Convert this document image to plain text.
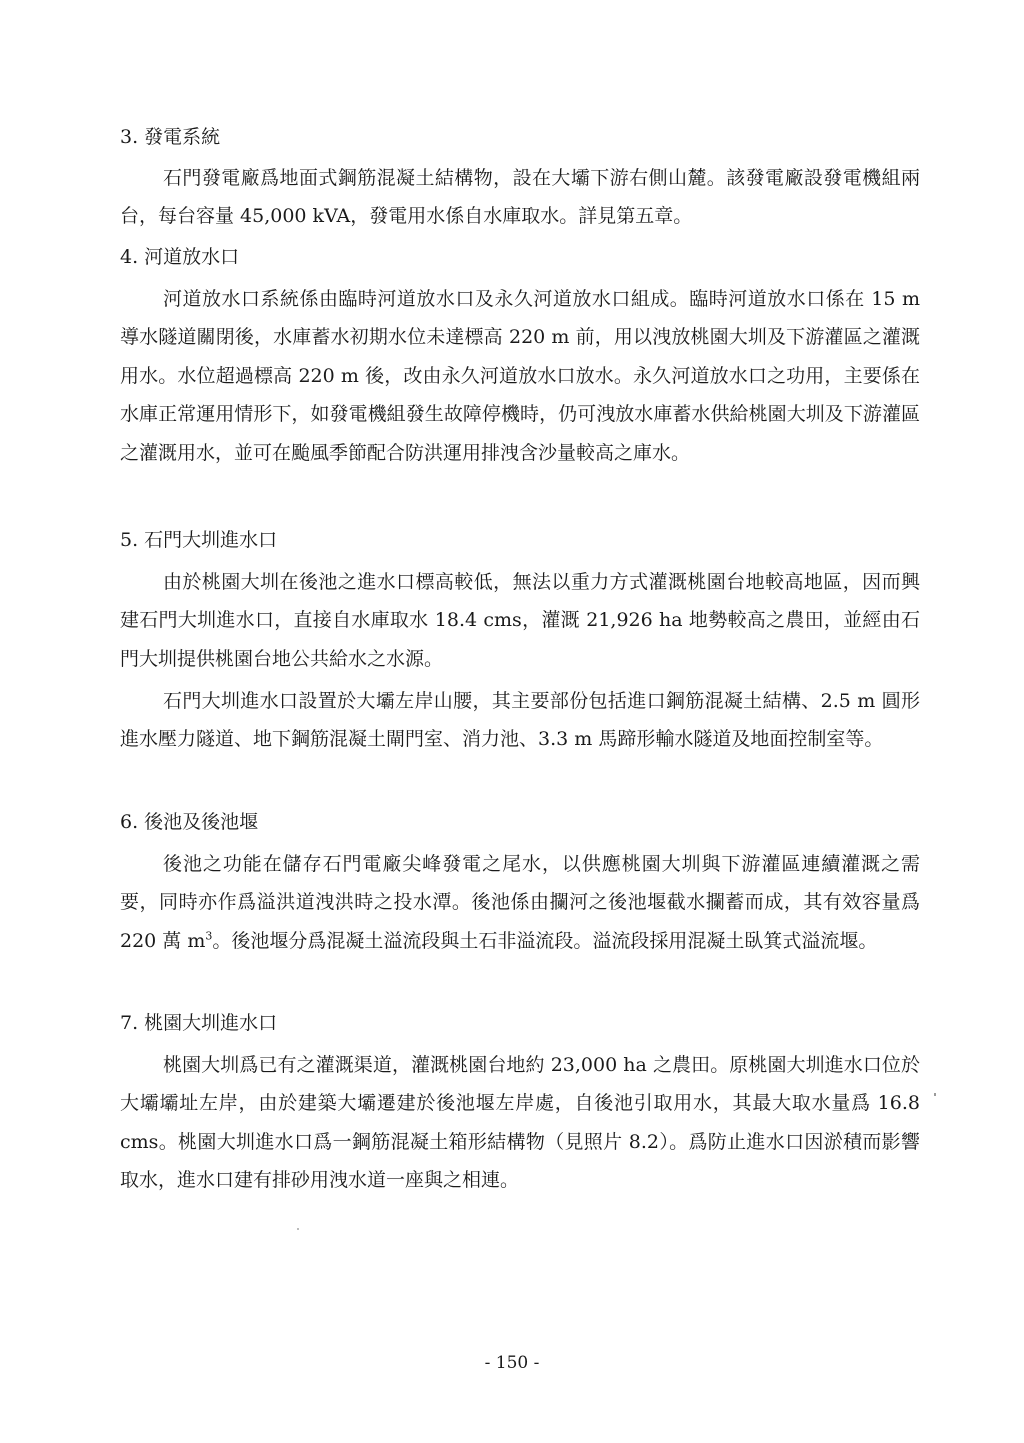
3. 發電系統
石門發電廠爲地面式鋼筋混凝土結構物，設在大壩下游右側山麓。該發電廠設發電機組兩台，每台容量 45,000 kVA，發電用水係自水庫取水。詳見第五章。
4. 河道放水口
河道放水口系統係由臨時河道放水口及永久河道放水口組成。臨時河道放水口係在 15 m 導水隧道關閉後，水庫蓄水初期水位未達標高 220 m 前，用以洩放桃園大圳及下游灌區之灌溉用水。水位超過標高 220 m 後，改由永久河道放水口放水。永久河道放水口之功用，主要係在水庫正常運用情形下，如發電機組發生故障停機時，仍可洩放水庫蓄水供給桃園大圳及下游灌區之灌溉用水，並可在颱風季節配合防洪運用排洩含沙量較高之庫水。
5. 石門大圳進水口
由於桃園大圳在後池之進水口標高較低，無法以重力方式灌溉桃園台地較高地區，因而興建石門大圳進水口，直接自水庫取水 18.4 cms，灌溉 21,926 ha 地勢較高之農田，並經由石門大圳提供桃園台地公共給水之水源。
石門大圳進水口設置於大壩左岸山腰，其主要部份包括進口鋼筋混凝土結構、2.5 m 圓形進水壓力隧道、地下鋼筋混凝土閘門室、消力池、3.3 m 馬蹄形輸水隧道及地面控制室等。
6. 後池及後池堰
後池之功能在儲存石門電廠尖峰發電之尾水，以供應桃園大圳與下游灌區連續灌溉之需要，同時亦作爲溢洪道洩洪時之投水潭。後池係由攔河之後池堰截水攔蓄而成，其有效容量爲 220 萬 $m^3$。後池堰分爲混凝土溢流段與土石非溢流段。溢流段採用混凝土臥箕式溢流堰。
7. 桃園大圳進水口
桃園大圳爲已有之灌溉渠道，灌溉桃園台地約 23,000 ha 之農田。原桃園大圳進水口位於大壩壩址左岸，由於建築大壩遷建於後池堰左岸處，自後池引取用水，其最大取水量爲 16.8 cms。桃園大圳進水口爲一鋼筋混凝土箱形結構物（見照片 8.2）。爲防止進水口因淤積而影響取水，進水口建有排砂用洩水道一座與之相連。
- 150 -
